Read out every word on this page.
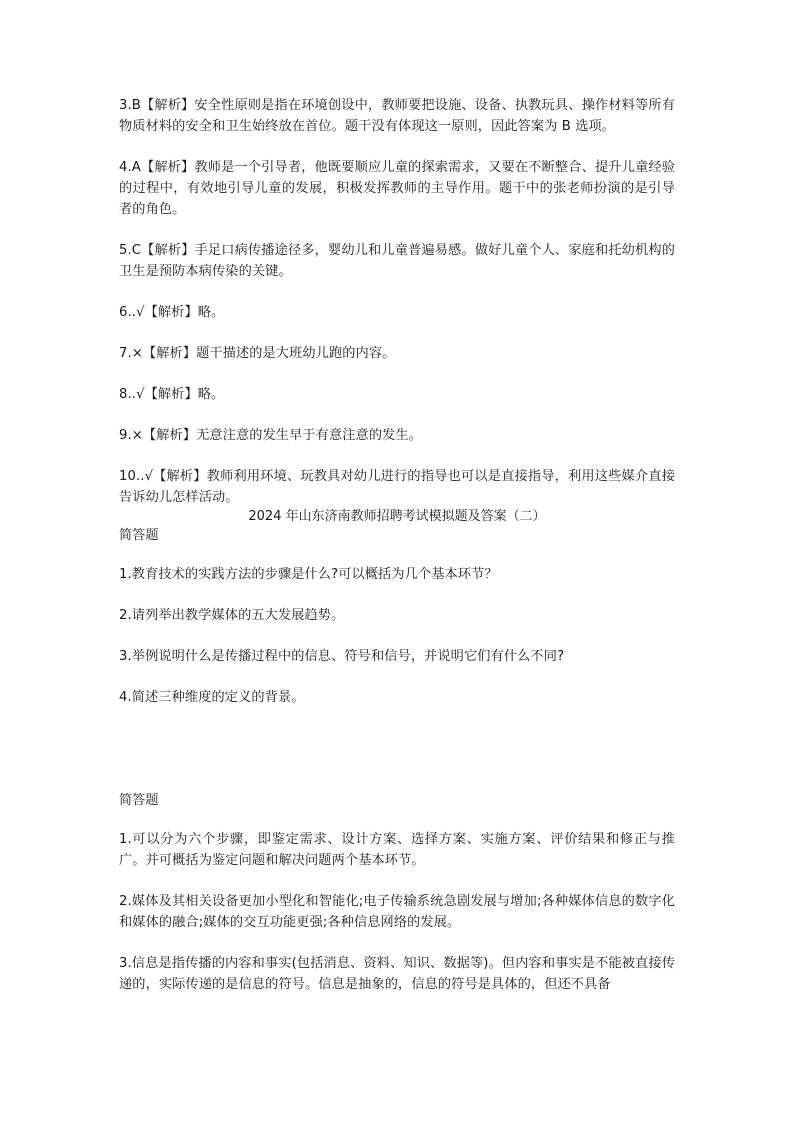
3.B【解析】安全性原则是指在环境创设中，教师要把设施、设备、执教玩具、操作材料等所有物质材料的安全和卫生始终放在首位。题干没有体现这一原则，因此答案为 B 选项。

4.A【解析】教师是一个引导者，他既要顺应儿童的探索需求，又要在不断整合、提升儿童经验的过程中，有效地引导儿童的发展，积极发挥教师的主导作用。题干中的张老师扮演的是引导者的角色。

5.C【解析】手足口病传播途径多，婴幼儿和儿童普遍易感。做好儿童个人、家庭和托幼机构的卫生是预防本病传染的关键。

6..√【解析】略。

7.×【解析】题干描述的是大班幼儿跑的内容。

8..√【解析】略。

9.×【解析】无意注意的发生早于有意注意的发生。

10..√【解析】教师利用环境、玩教具对幼儿进行的指导也可以是直接指导，利用这些媒介直接告诉幼儿怎样活动。

2024 年山东济南教师招聘考试模拟题及答案（二）

简答题

1.教育技术的实践方法的步骤是什么?可以概括为几个基本环节？

2.请列举出教学媒体的五大发展趋势。

3.举例说明什么是传播过程中的信息、符号和信号，并说明它们有什么不同?

4.简述三种维度的定义的背景。

简答题

1.可以分为六个步骤，即鉴定需求、设计方案、选择方案、实施方案、评价结果和修正与推广。并可概括为鉴定问题和解决问题两个基本环节。

2.媒体及其相关设备更加小型化和智能化;电子传输系统急剧发展与增加;各种媒体信息的数字化和媒体的融合;媒体的交互功能更强;各种信息网络的发展。

3.信息是指传播的内容和事实(包括消息、资料、知识、数据等)。但内容和事实是不能被直接传递的，实际传递的是信息的符号。信息是抽象的，信息的符号是具体的，但还不具备
